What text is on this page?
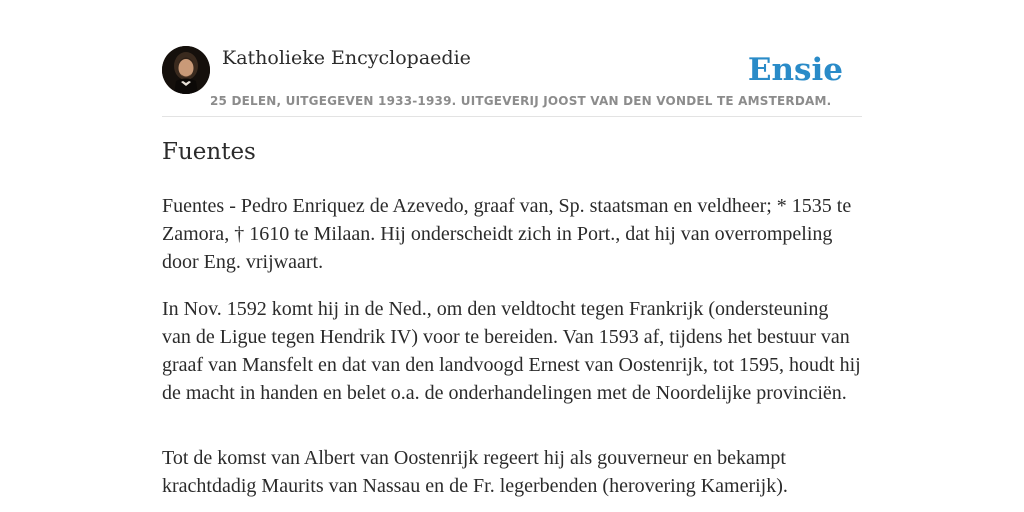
Katholieke Encyclopaedie
25 DELEN, UITGEGEVEN 1933-1939. UITGEVERIJ JOOST VAN DEN VONDEL TE AMSTERDAM.
Ensie
Fuentes

Fuentes - Pedro Enriquez de Azevedo, graaf van, Sp. staatsman en veldheer; * 1535 te Zamora, † 1610 te Milaan. Hij onderscheidt zich in Port., dat hij van overrompeling door Eng. vrijwaart.

In Nov. 1592 komt hij in de Ned., om den veldtocht tegen Frankrijk (ondersteuning van de Ligue tegen Hendrik IV) voor te bereiden. Van 1593 af, tijdens het bestuur van graaf van Mansfelt en dat van den landvoogd Ernest van Oostenrijk, tot 1595, houdt hij de macht in handen en belet o.a. de onderhandelingen met de Noordelijke provinciën.

Tot de komst van Albert van Oostenrijk regeert hij als gouverneur en bekampt krachtdadig Maurits van Nassau en de Fr. legerbenden (herovering Kamerijk).
